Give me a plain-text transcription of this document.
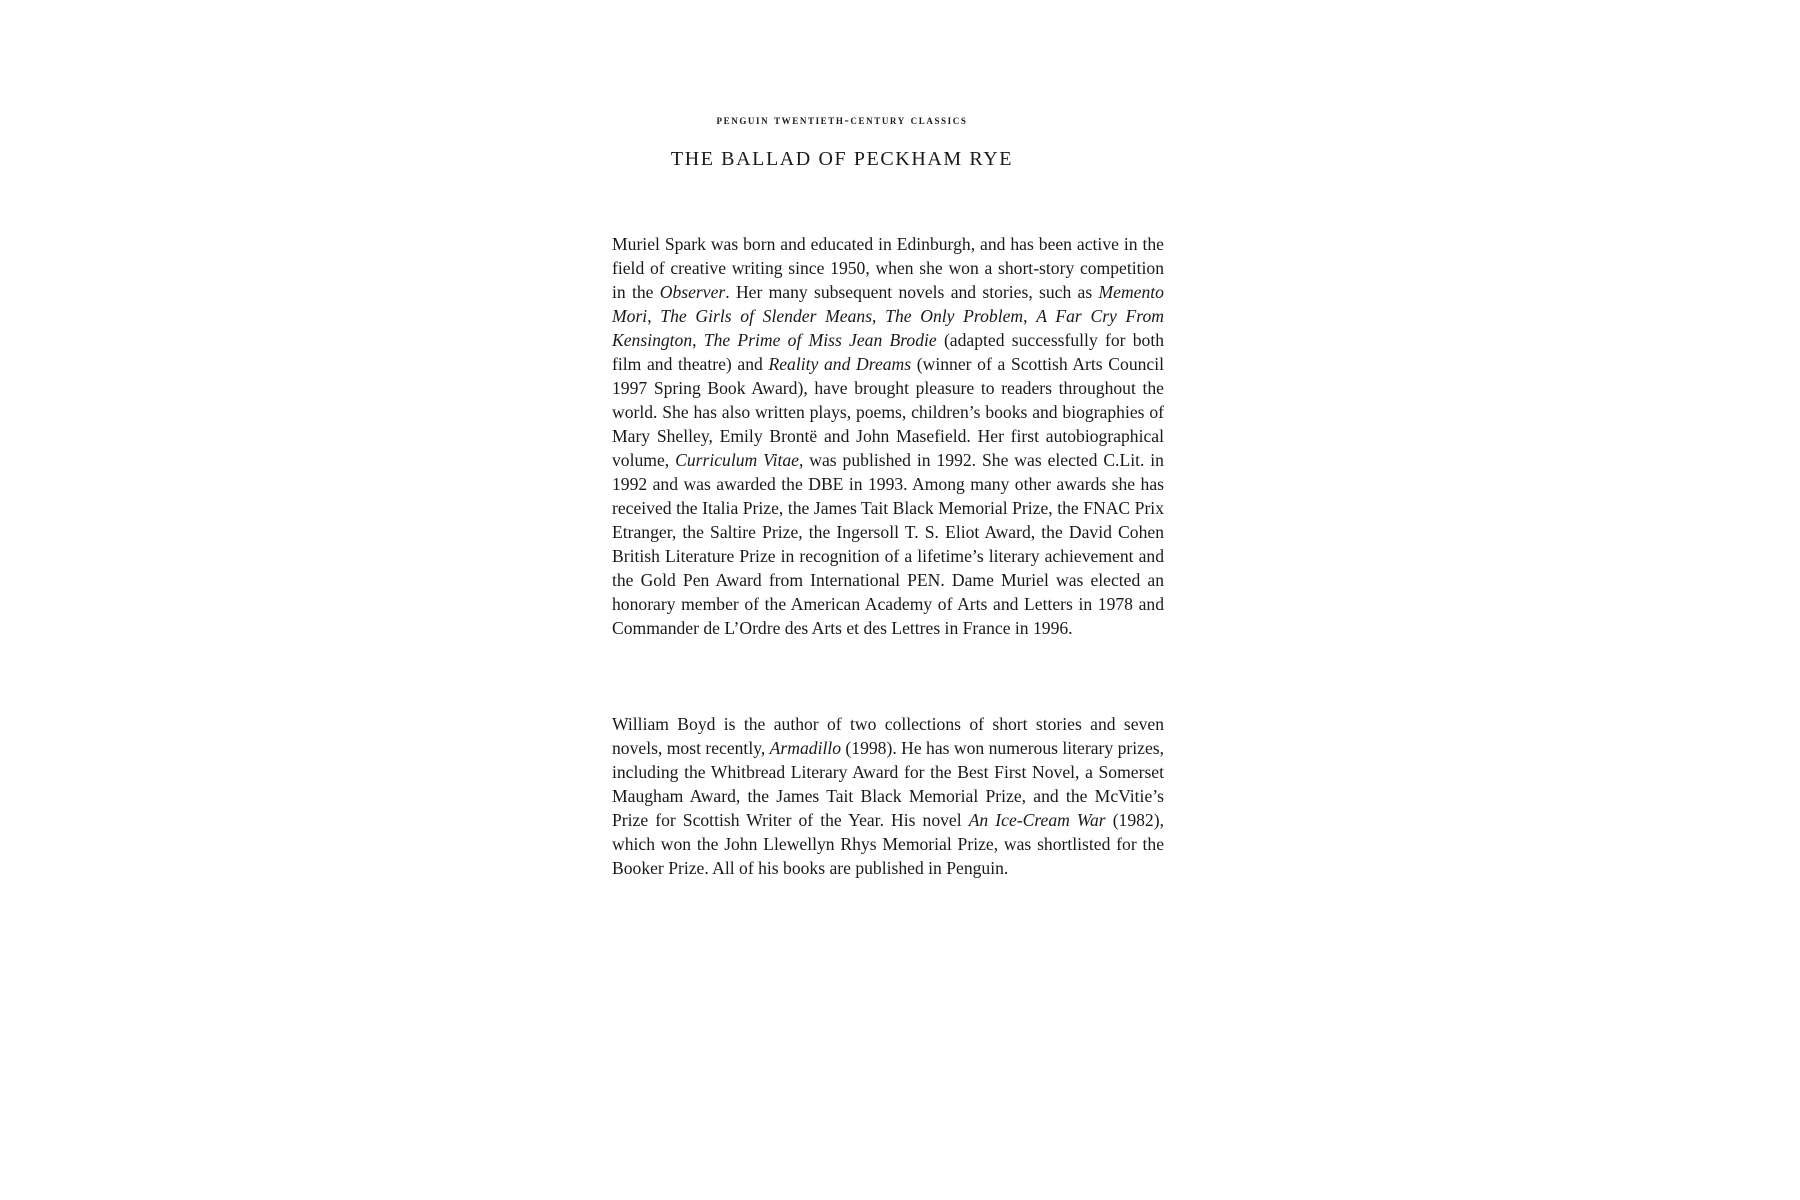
penguin twentieth-century classics
THE BALLAD OF PECKHAM RYE
Muriel Spark was born and educated in Edinburgh, and has been active in the field of creative writing since 1950, when she won a short-story competition in the Observer. Her many subsequent novels and stories, such as Memento Mori, The Girls of Slender Means, The Only Problem, A Far Cry From Kensington, The Prime of Miss Jean Brodie (adapted successfully for both film and theatre) and Reality and Dreams (winner of a Scottish Arts Council 1997 Spring Book Award), have brought pleasure to readers throughout the world. She has also written plays, poems, children’s books and biographies of Mary Shelley, Emily Brontë and John Masefield. Her first autobiographical volume, Curriculum Vitae, was published in 1992. She was elected C.Lit. in 1992 and was awarded the DBE in 1993. Among many other awards she has received the Italia Prize, the James Tait Black Memorial Prize, the FNAC Prix Etranger, the Saltire Prize, the Ingersoll T. S. Eliot Award, the David Cohen British Literature Prize in recognition of a lifetime’s literary achievement and the Gold Pen Award from International PEN. Dame Muriel was elected an honorary member of the American Academy of Arts and Letters in 1978 and Commander de L’Ordre des Arts et des Lettres in France in 1996.
William Boyd is the author of two collections of short stories and seven novels, most recently, Armadillo (1998). He has won numerous literary prizes, including the Whitbread Literary Award for the Best First Novel, a Somerset Maugham Award, the James Tait Black Memorial Prize, and the McVitie’s Prize for Scottish Writer of the Year. His novel An Ice-Cream War (1982), which won the John Llewellyn Rhys Memorial Prize, was shortlisted for the Booker Prize. All of his books are published in Penguin.
